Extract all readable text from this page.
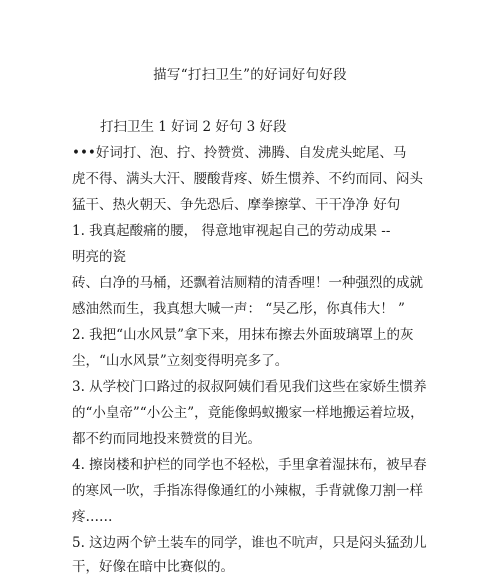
描写“打扫卫生”的好词好句好段
打扫卫生 1 好词 2 好句 3 好段
•••好词打、泡、拧、拎赞赏、沸腾、自发虎头蛇尾、马
虎不得、满头大汗、腰酸背疼、娇生惯养、不约而同、闷头
猛干、热火朝天、争先恐后、摩拳擦掌、干干净净 好句
1. 我真起酸痛的腰， 得意地审视起自己的劳动成果 --
明亮的瓷
砖、白净的马桶，还飘着洁厕精的清香哩！一种强烈的成就
感油然而生，我真想大喊一声： “吴乙彤，你真伟大！ ”
2. 我把“山水风景”拿下来，用抹布擦去外面玻璃罩上的灰
尘，“山水风景”立刻变得明亮多了。
3. 从学校门口路过的叔叔阿姨们看见我们这些在家娇生惯养
的“小皇帝”“小公主”，竟能像蚂蚁搬家一样地搬运着垃圾，
都不约而同地投来赞赏的目光。
4. 擦岗楼和护栏的同学也不轻松，手里拿着湿抹布，被早春
的寒风一吹，手指冻得像通红的小辣椒，手背就像刀割一样
疼……
5. 这边两个铲土装车的同学，谁也不吭声，只是闷头猛劲儿
干，好像在暗中比赛似的。
